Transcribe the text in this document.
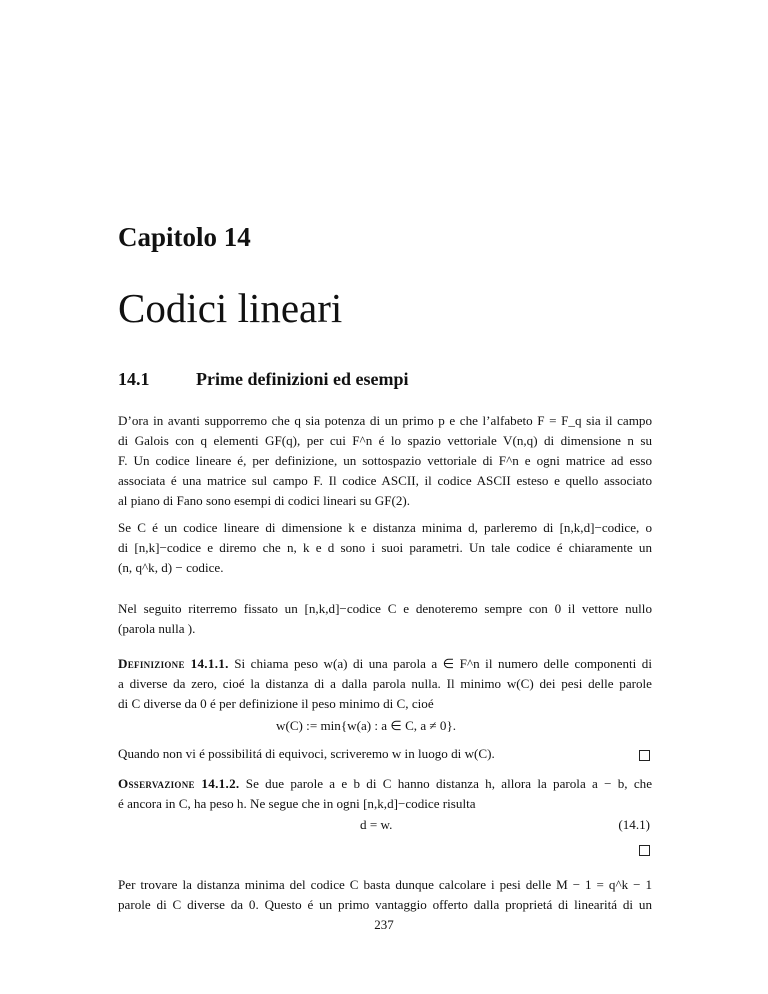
Capitolo 14
Codici lineari
14.1	Prime definizioni ed esempi
D’ora in avanti supporremo che q sia potenza di un primo p e che l’alfabeto F = F_q sia il campo
di Galois con q elementi GF(q), per cui F^n é lo spazio vettoriale V(n,q) di dimensione n su
F. Un codice lineare é, per definizione, un sottospazio vettoriale di F^n e ogni matrice ad esso
associata é una matrice sul campo F. Il codice ASCII, il codice ASCII esteso e quello associato
al piano di Fano sono esempi di codici lineari su GF(2).
Se C é un codice lineare di dimensione k e distanza minima d, parleremo di [n,k,d]−codice, o
di [n,k]−codice e diremo che n, k e d sono i suoi parametri. Un tale codice é chiaramente un
(n, q^k, d) − codice.
Nel seguito riterremo fissato un [n,k,d]−codice C e denoteremo sempre con 0 il vettore nullo
(parola nulla ).
Definizione 14.1.1. Si chiama peso w(a) di una parola a ∈ F^n il numero delle componenti di
a diverse da zero, cioé la distanza di a dalla parola nulla. Il minimo w(C) dei pesi delle parole
di C diverse da 0 é per definizione il peso minimo di C, cioé
w(C) := min{w(a) : a ∈ C, a ≠ 0}.
Quando non vi é possibilitá di equivoci, scriveremo w in luogo di w(C).
Osservazione 14.1.2. Se due parole a e b di C hanno distanza h, allora la parola a − b, che
é ancora in C, ha peso h. Ne segue che in ogni [n,k,d]−codice risulta
d = w.	(14.1)
Per trovare la distanza minima del codice C basta dunque calcolare i pesi delle M − 1 = q^k − 1
parole di C diverse da 0. Questo é un primo vantaggio offerto dalla proprietá di linearitá di un
237
